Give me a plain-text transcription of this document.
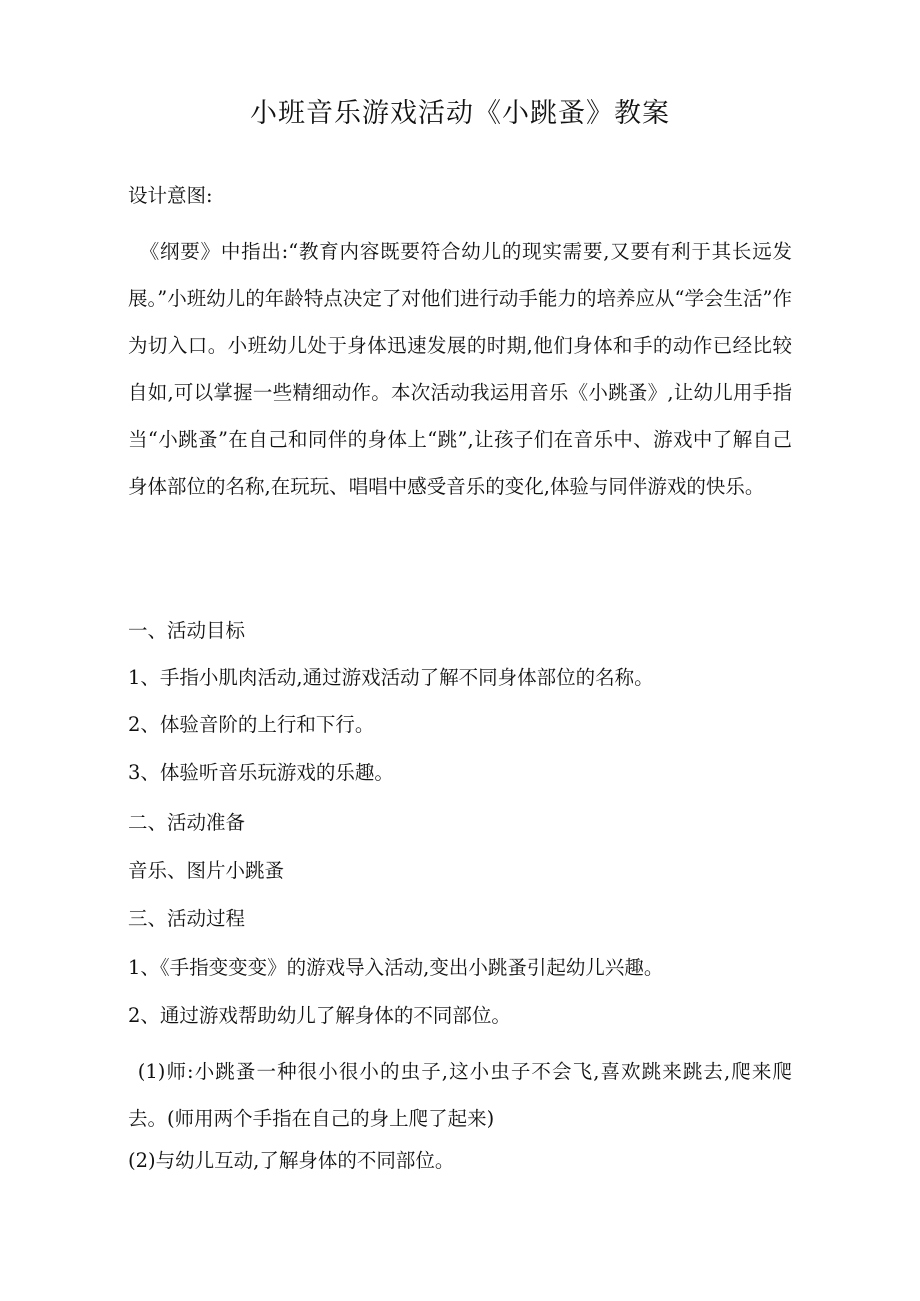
小班音乐游戏活动《小跳蚤》教案

设计意图:

《纲要》中指出:“教育内容既要符合幼儿的现实需要,又要有利于其长远发展。”小班幼儿的年龄特点决定了对他们进行动手能力的培养应从“学会生活”作为切入口。小班幼儿处于身体迅速发展的时期,他们身体和手的动作已经比较自如,可以掌握一些精细动作。本次活动我运用音乐《小跳蚤》,让幼儿用手指当“小跳蚤”在自己和同伴的身体上“跳”,让孩子们在音乐中、游戏中了解自己身体部位的名称,在玩玩、唱唱中感受音乐的变化,体验与同伴游戏的快乐。

一、活动目标

1、手指小肌肉活动,通过游戏活动了解不同身体部位的名称。

2、体验音阶的上行和下行。

3、体验听音乐玩游戏的乐趣。

二、活动准备

音乐、图片小跳蚤

三、活动过程

1、《手指变变变》的游戏导入活动,变出小跳蚤引起幼儿兴趣。

2、通过游戏帮助幼儿了解身体的不同部位。

(1)师:小跳蚤一种很小很小的虫子,这小虫子不会飞,喜欢跳来跳去,爬来爬去。(师用两个手指在自己的身上爬了起来)

(2)与幼儿互动,了解身体的不同部位。
